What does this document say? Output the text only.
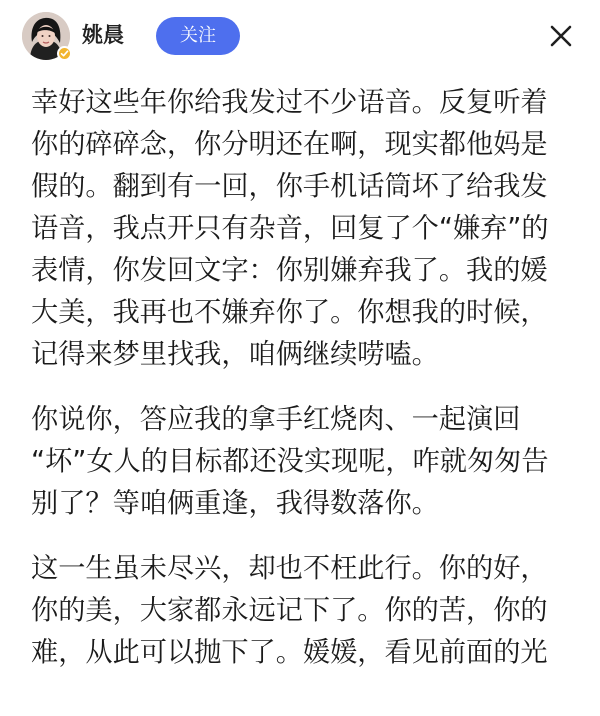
姚晨	关注

幸好这些年你给我发过不少语音。反复听着
你的碎碎念，你分明还在啊，现实都他妈是
假的。翻到有一回，你手机话筒坏了给我发
语音，我点开只有杂音，回复了个“嫌弃”的
表情，你发回文字：你别嫌弃我了。我的媛
大美，我再也不嫌弃你了。你想我的时候，
记得来梦里找我，咱俩继续唠嗑。

你说你，答应我的拿手红烧肉、一起演回
“坏”女人的目标都还没实现呢，咋就匆匆告
别了？等咱俩重逢，我得数落你。

这一生虽未尽兴，却也不枉此行。你的好，
你的美，大家都永远记下了。你的苦，你的
难，从此可以抛下了。媛媛，看见前面的光
